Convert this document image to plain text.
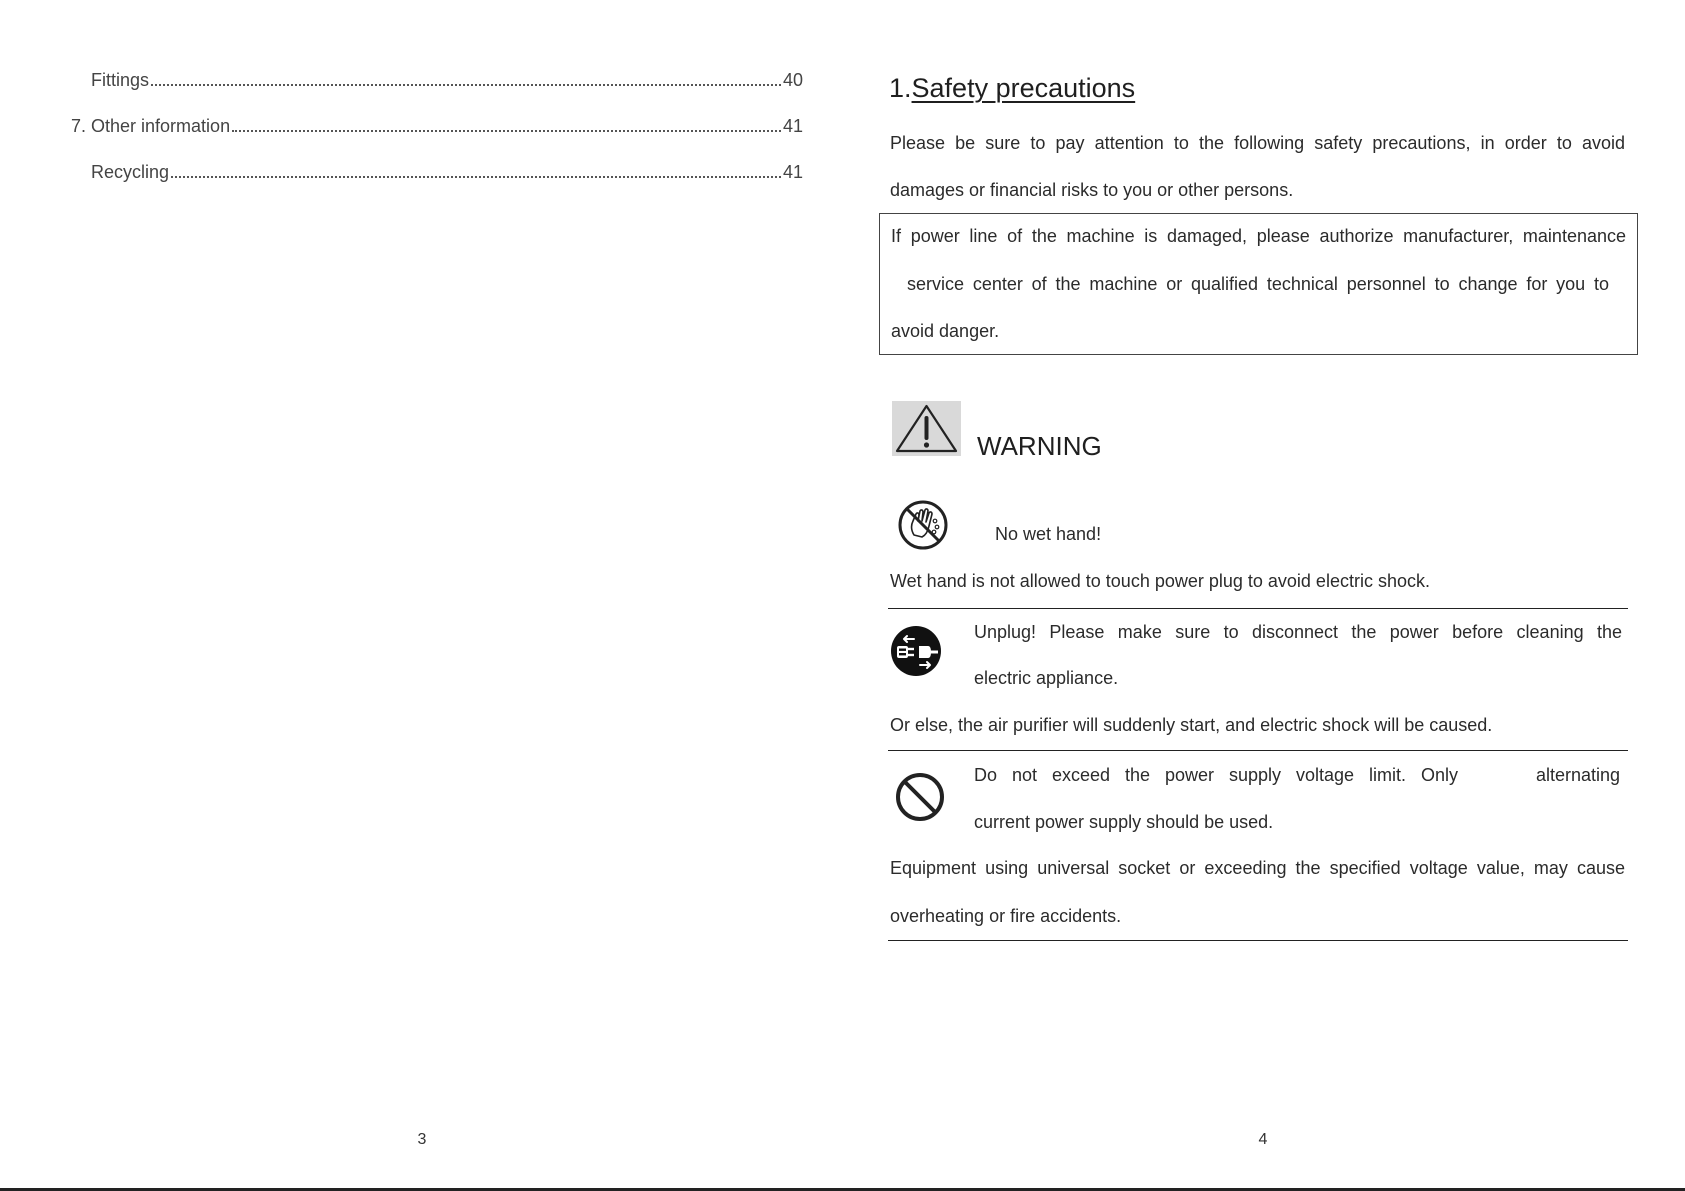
Fittings	40
7. Other information	41
Recycling	41
3
1.Safety precautions
Please be sure to pay attention to the following safety precautions, in order to avoid
damages or financial risks to you or other persons.
If power line of the machine is damaged, please authorize manufacturer, maintenance
service center of the machine or qualified technical personnel to change for you to
avoid danger.
WARNING
No wet hand!
Wet hand is not allowed to touch power plug to avoid electric shock.
Unplug! Please make sure to disconnect the power before cleaning the
electric appliance.
Or else, the air purifier will suddenly start, and electric shock will be caused.
Do not exceed the power supply voltage limit. Only	alternating
current power supply should be used.
Equipment using universal socket or exceeding the specified voltage value, may cause
overheating or fire accidents.
4
